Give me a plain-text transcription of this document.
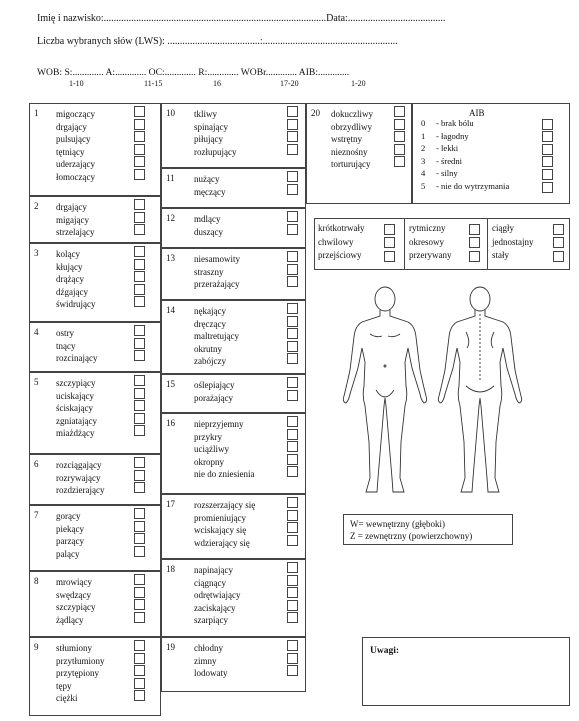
Imię i nazwisko:.........................................................................................Data:.......................................
Liczba wybranych słów (LWS): .....................................:......................................................
WOB: S:............. A:............. OC:............. R:............. WOBr............. AIB:.............
1-10	11-15	16	17-20	1-20
1 migoczący
drgający
pulsujący
tętniący
uderzający
łomoczący
2 drgający
migający
strzelający
3 kolący
kłujący
drążący
dźgający
świdrujący
4 ostry
tnący
rozcinający
5 szczypiący
uciskający
ściskający
zgniatający
miażdżący
6 rozciągający
rozrywający
rozdzierający
7 gorący
piekący
parzący
palący
8 mrowiący
swędzący
szczypiący
żądlący
9 stłumiony
przytłumiony
przytępiony
tępy
ciężki
10 tkliwy
spinający
piłujący
rozłupujący
11 nużący
męczący
12 mdlący
duszący
13 niesamowity
straszny
przerażający
14 nękający
dręczący
maltretujący
okrutny
zabójczy
15 oślepiający
porażający
16 nieprzyjemny
przykry
uciążliwy
okropny
nie do zniesienia
17 rozszerzający się
promieniujący
wciskający się
wdzierający się
18 napinający
ciągnący
odrętwiający
zaciskający
szarpiący
19 chłodny
zimny
lodowaty
20 dokuczliwy
obrzydliwy
wstrętny
nieznośny
torturujący
AIB
0 - brak bólu
1 - łagodny
2 - lekki
3 - średni
4 - silny
5 - nie do wytrzymania
krótkotrwały
chwilowy
przejściowy
rytmiczny
okresowy
przerywany
ciągły
jednostajny
stały
W= wewnętrzny (głęboki)
Z = zewnętrzny (powierzchowny)
Uwagi:
